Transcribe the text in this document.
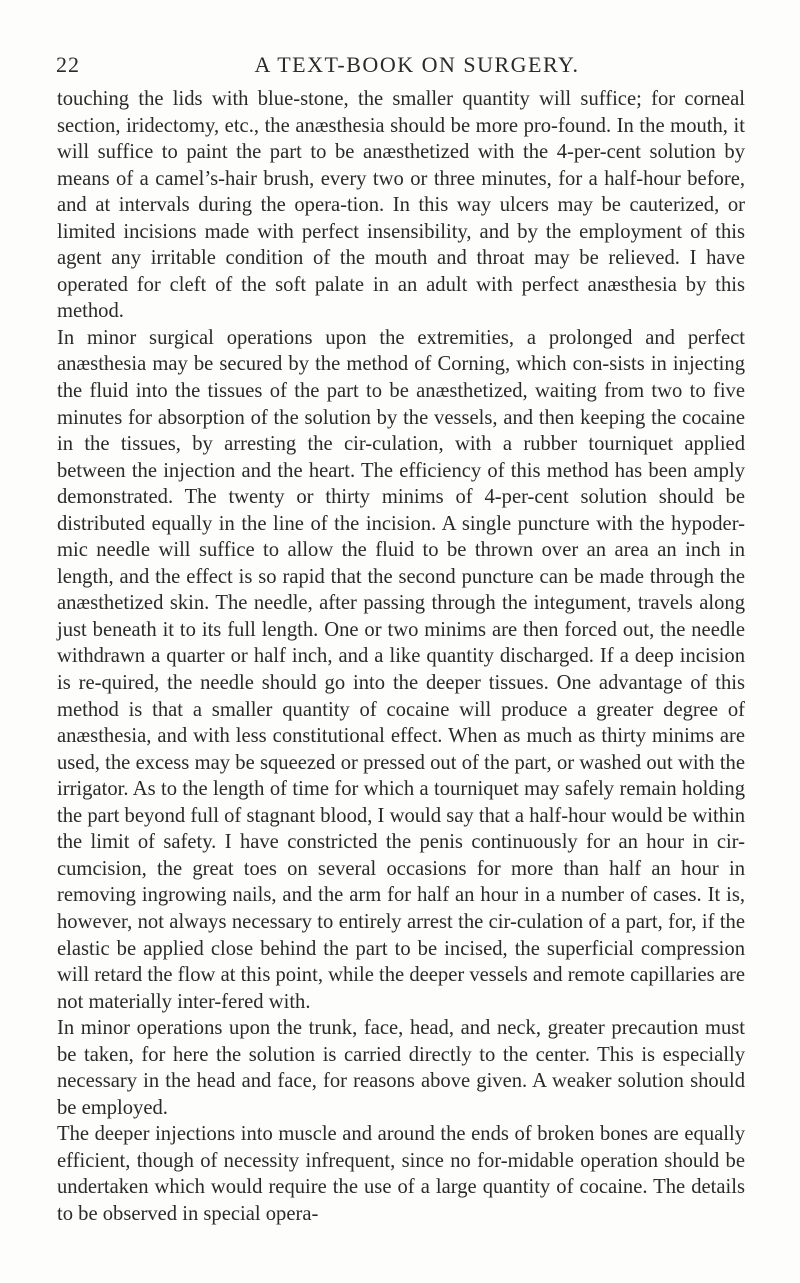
22	A TEXT-BOOK ON SURGERY.

touching the lids with blue-stone, the smaller quantity will suffice; for corneal section, iridectomy, etc., the anæsthesia should be more pro-found. In the mouth, it will suffice to paint the part to be anæsthetized with the 4-per-cent solution by means of a camel’s-hair brush, every two or three minutes, for a half-hour before, and at intervals during the opera-tion. In this way ulcers may be cauterized, or limited incisions made with perfect insensibility, and by the employment of this agent any irritable condition of the mouth and throat may be relieved. I have operated for cleft of the soft palate in an adult with perfect anæsthesia by this method.

In minor surgical operations upon the extremities, a prolonged and perfect anæsthesia may be secured by the method of Corning, which con-sists in injecting the fluid into the tissues of the part to be anæsthetized, waiting from two to five minutes for absorption of the solution by the vessels, and then keeping the cocaine in the tissues, by arresting the cir-culation, with a rubber tourniquet applied between the injection and the heart. The efficiency of this method has been amply demonstrated. The twenty or thirty minims of 4-per-cent solution should be distributed equally in the line of the incision. A single puncture with the hypoder-mic needle will suffice to allow the fluid to be thrown over an area an inch in length, and the effect is so rapid that the second puncture can be made through the anæsthetized skin. The needle, after passing through the integument, travels along just beneath it to its full length. One or two minims are then forced out, the needle withdrawn a quarter or half inch, and a like quantity discharged. If a deep incision is re-quired, the needle should go into the deeper tissues. One advantage of this method is that a smaller quantity of cocaine will produce a greater degree of anæsthesia, and with less constitutional effect. When as much as thirty minims are used, the excess may be squeezed or pressed out of the part, or washed out with the irrigator. As to the length of time for which a tourniquet may safely remain holding the part beyond full of stagnant blood, I would say that a half-hour would be within the limit of safety. I have constricted the penis continuously for an hour in cir-cumcision, the great toes on several occasions for more than half an hour in removing ingrowing nails, and the arm for half an hour in a number of cases. It is, however, not always necessary to entirely arrest the cir-culation of a part, for, if the elastic be applied close behind the part to be incised, the superficial compression will retard the flow at this point, while the deeper vessels and remote capillaries are not materially inter-fered with.

In minor operations upon the trunk, face, head, and neck, greater precaution must be taken, for here the solution is carried directly to the center. This is especially necessary in the head and face, for reasons above given. A weaker solution should be employed.

The deeper injections into muscle and around the ends of broken bones are equally efficient, though of necessity infrequent, since no for-midable operation should be undertaken which would require the use of a large quantity of cocaine. The details to be observed in special opera-
